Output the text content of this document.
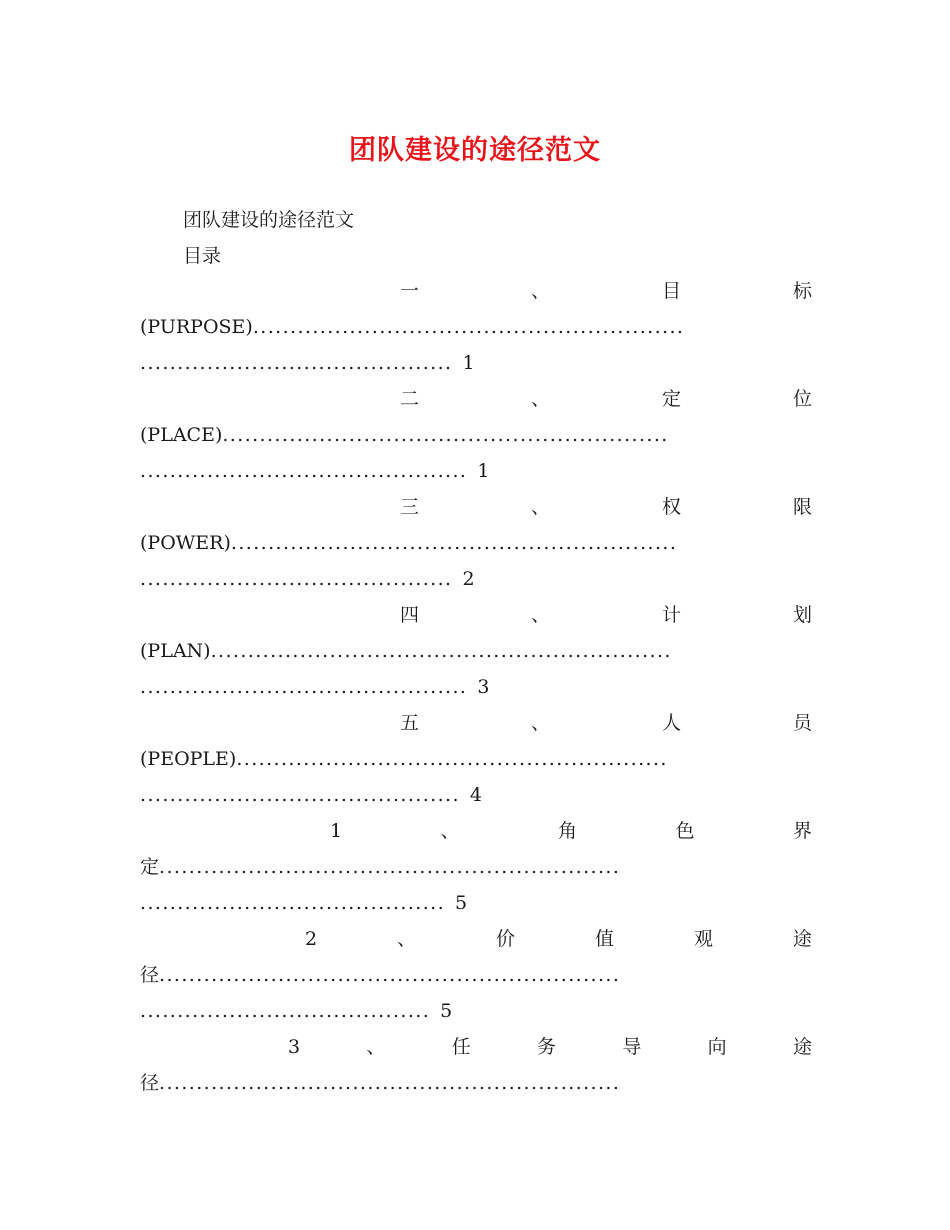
团队建设的途径范文
团队建设的途径范文
目录
一	、	目	标
(PURPOSE)..........................................................
.......................................... 1
二	、	定	位
(PLACE)............................................................
............................................ 1
三	、	权	限
(POWER)............................................................
.......................................... 2
四	、	计	划
(PLAN)..............................................................
............................................ 3
五	、	人	员
(PEOPLE)..........................................................
........................................... 4
1	、	角	色	界
定..............................................................
......................................... 5
2	、	价	值	观	途
径..............................................................
....................................... 5
3	、	任	务	导	向	途
径..............................................................
